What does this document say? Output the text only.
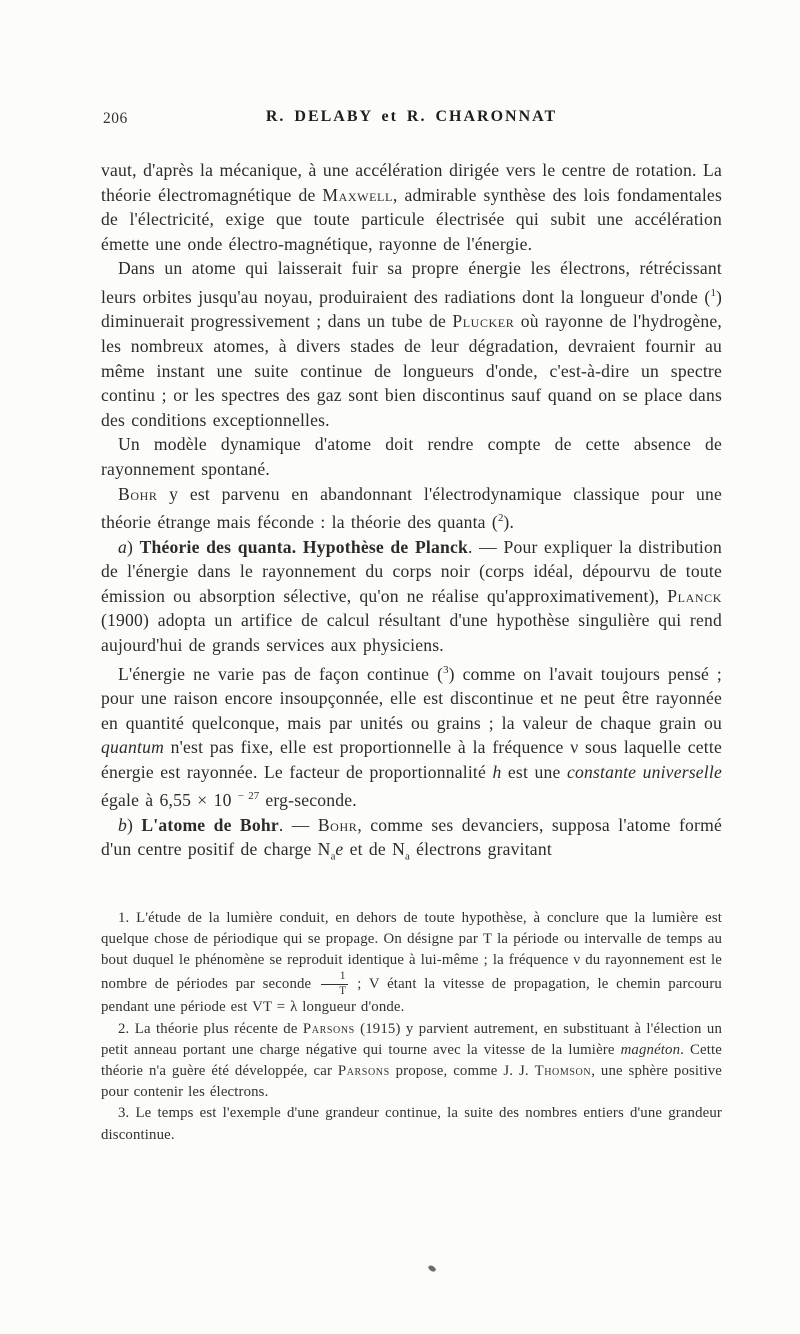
206	R. DELABY et R. CHARONNAT

vaut, d'après la mécanique, à une accélération dirigée vers le centre de rotation. La théorie électromagnétique de Maxwell, admirable synthèse des lois fondamentales de l'électricité, exige que toute particule électrisée qui subit une accélération émette une onde électro-magnétique, rayonne de l'énergie.

Dans un atome qui laisserait fuir sa propre énergie les électrons, rétrécissant leurs orbites jusqu'au noyau, produiraient des radiations dont la longueur d'onde ($^1$) diminuerait progressivement ; dans un tube de Plucker où rayonne de l'hydrogène, les nombreux atomes, à divers stades de leur dégradation, devraient fournir au même instant une suite continue de longueurs d'onde, c'est-à-dire un spectre continu ; or les spectres des gaz sont bien discontinus sauf quand on se place dans des conditions exceptionnelles.

Un modèle dynamique d'atome doit rendre compte de cette absence de rayonnement spontané.

Bohr y est parvenu en abandonnant l'électrodynamique classique pour une théorie étrange mais féconde : la théorie des quanta ($^2$).

a) Théorie des quanta. Hypothèse de Planck. — Pour expliquer la distribution de l'énergie dans le rayonnement du corps noir (corps idéal, dépourvu de toute émission ou absorption sélective, qu'on ne réalise qu'approximativement), Planck (1900) adopta un artifice de calcul résultant d'une hypothèse singulière qui rend aujourd'hui de grands services aux physiciens.

L'énergie ne varie pas de façon continue ($^3$) comme on l'avait toujours pensé ; pour une raison encore insoupçonnée, elle est discontinue et ne peut être rayonnée en quantité quelconque, mais par unités ou grains ; la valeur de chaque grain ou quantum n'est pas fixe, elle est proportionnelle à la fréquence ν sous laquelle cette énergie est rayonnée. Le facteur de proportionnalité h est une constante universelle égale à 6,55 × 10 $^{- 27}$ erg-seconde.

b) L'atome de Bohr. — Bohr, comme ses devanciers, supposa l'atome formé d'un centre positif de charge $N_ae$ et de $N_a$ électrons gravitant

1. L'étude de la lumière conduit, en dehors de toute hypothèse, à conclure que la lumière est quelque chose de périodique qui se propage. On désigne par T la période ou intervalle de temps au bout duquel le phénomène se reproduit identique à lui-même ; la fréquence ν du rayonnement est le nombre de périodes par seconde $\frac{1}{T}$ ; V étant la vitesse de propagation, le chemin parcouru pendant une période est VT = λ longueur d'onde.

2. La théorie plus récente de Parsons (1915) y parvient autrement, en substituant à l'élection un petit anneau portant une charge négative qui tourne avec la vitesse de la lumière magnéton. Cette théorie n'a guère été développée, car Parsons propose, comme J. J. Thomson, une sphère positive pour contenir les électrons.

3. Le temps est l'exemple d'une grandeur continue, la suite des nombres entiers d'une grandeur discontinue.
